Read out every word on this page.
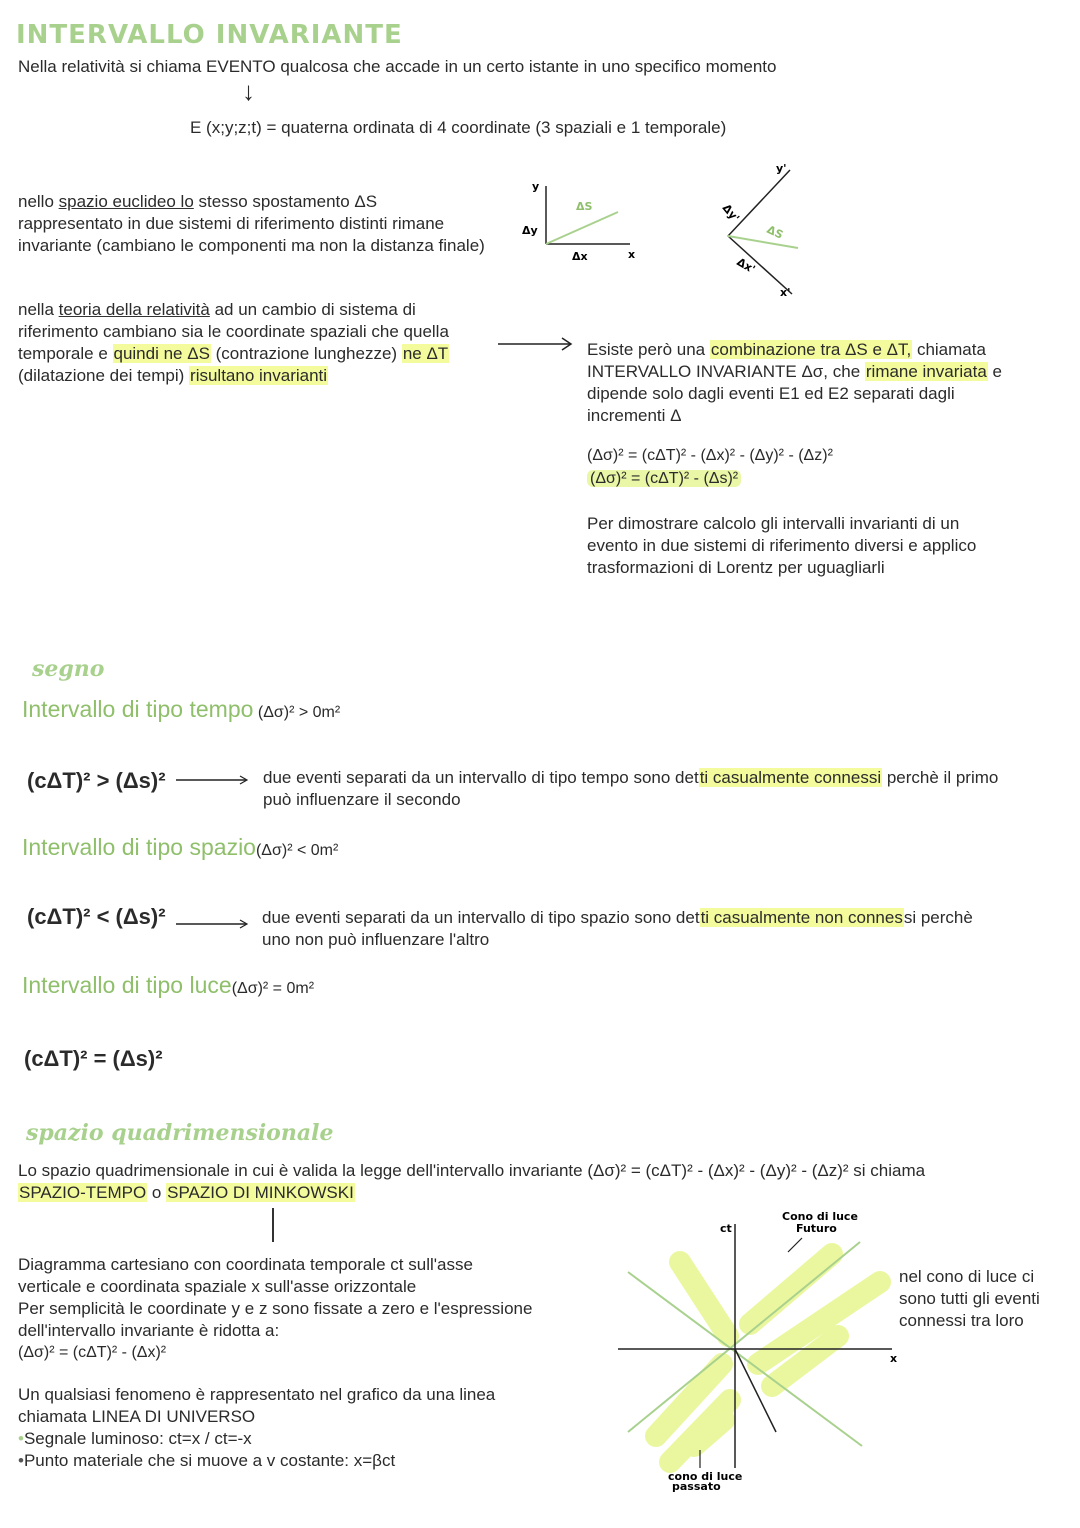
INTERVALLO INVARIANTE
Nella relatività si chiama EVENTO qualcosa che accade in un certo istante in uno specifico momento
↓
E (x;y;z;t) = quaterna ordinata di 4 coordinate (3 spaziali e 1 temporale)
nello spazio euclideo lo stesso spostamento ΔS
rappresentato in due sistemi di riferimento distinti rimane
invariante (cambiano le componenti ma non la distanza finale)
y
Δy
ΔS
Δx	x
y'
Δy'
ΔS
Δx'
x'
nella teoria della relatività ad un cambio di sistema di
riferimento cambiano sia le coordinate spaziali che quella
temporale e quindi ne ΔS (contrazione lunghezze) ne ΔT
(dilatazione dei tempi) risultano invarianti
Esiste però una combinazione tra ΔS e ΔT, chiamata
INTERVALLO INVARIANTE Δσ, che rimane invariata e
dipende solo dagli eventi E1 ed E2 separati dagli
incrementi Δ
(Δσ)² = (cΔT)² - (Δx)² - (Δy)² - (Δz)²
(Δσ)² = (cΔT)² - (Δs)²
Per dimostrare calcolo gli intervalli invarianti di un
evento in due sistemi di riferimento diversi e applico
trasformazioni di Lorentz per uguagliarli
segno
Intervallo di tipo tempo (Δσ)² > 0m²
(cΔT)² > (Δs)²	due eventi separati da un intervallo di tipo tempo sono detti casualmente connessi perchè il primo
può influenzare il secondo
Intervallo di tipo spazio(Δσ)² < 0m²
(cΔT)² < (Δs)²	due eventi separati da un intervallo di tipo spazio sono detti casualmente non connessi perchè
uno non può influenzare l'altro
Intervallo di tipo luce(Δσ)² = 0m²
(cΔT)² = (Δs)²
spazio quadrimensionale
Lo spazio quadrimensionale in cui è valida la legge dell'intervallo invariante (Δσ)² = (cΔT)² - (Δx)² - (Δy)² - (Δz)² si chiama
SPAZIO-TEMPO o SPAZIO DI MINKOWSKI
Diagramma cartesiano con coordinata temporale ct sull'asse
verticale e coordinata spaziale x sull'asse orizzontale
Per semplicità le coordinate y e z sono fissate a zero e l'espressione
dell'intervallo invariante è ridotta a:
(Δσ)² = (cΔT)² - (Δx)²
Un qualsiasi fenomeno è rappresentato nel grafico da una linea
chiamata LINEA DI UNIVERSO
•Segnale luminoso: ct=x / ct=-x
•Punto materiale che si muove a v costante: x=βct
ct
x
Cono di luce
Futuro
cono di luce
passato
nel cono di luce ci
sono tutti gli eventi
connessi tra loro
